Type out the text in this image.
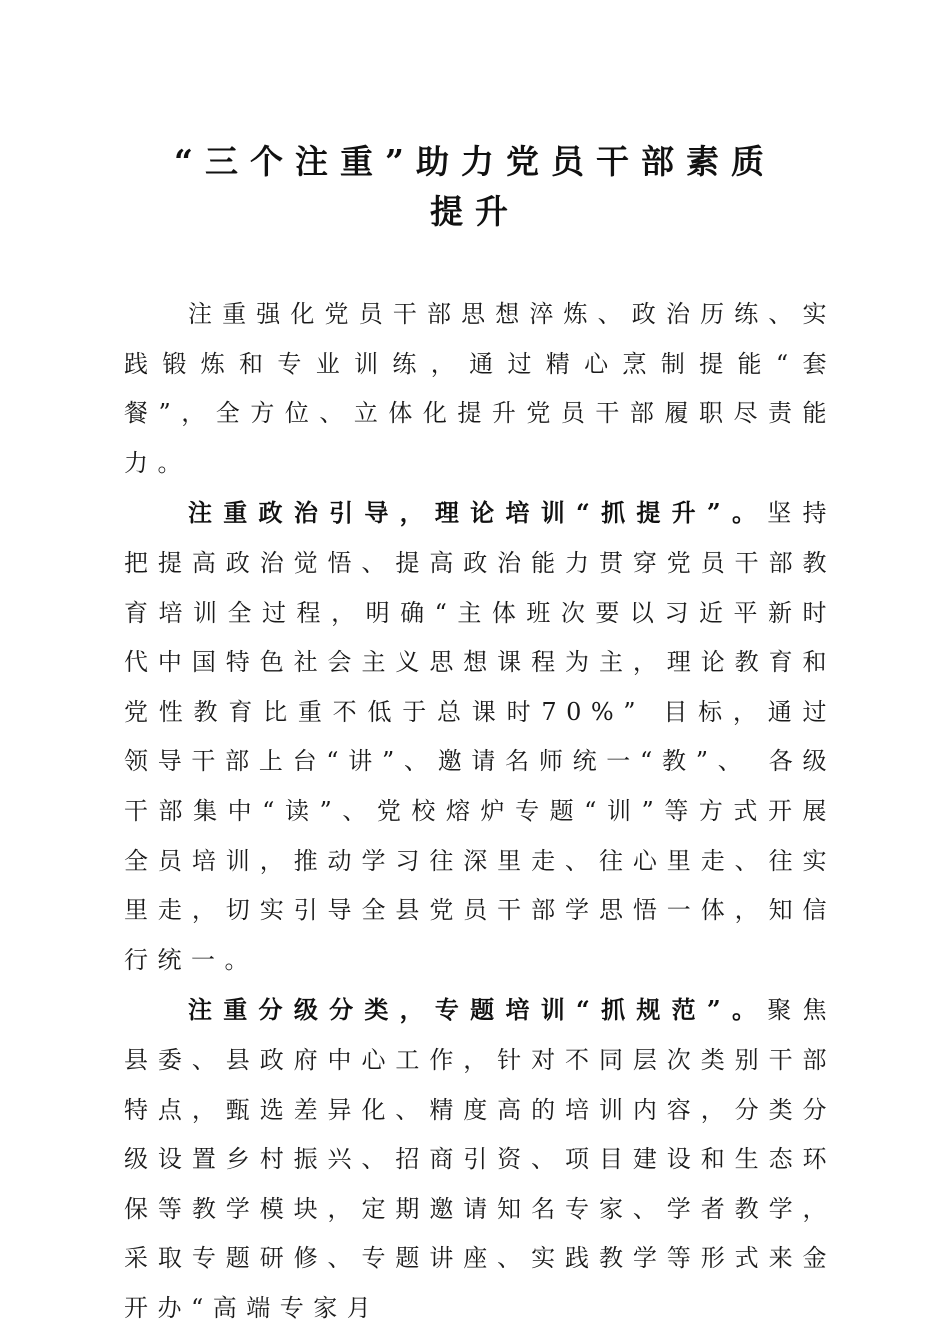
“三个注重”助力党员干部素质
提升

注重强化党员干部思想淬炼、政治历练、实践锻炼和专业训练，通过精心烹制提能“套餐”，全方位、立体化提升党员干部履职尽责能力。

注重政治引导，理论培训“抓提升”。坚持把提高政治觉悟、提高政治能力贯穿党员干部教育培训全过程，明确“主体班次要以习近平新时代中国特色社会主义思想课程为主，理论教育和党性教育比重不低于总课时70%” 目标，通过领导干部上台“讲”、邀请名师统一“教”、 各级干部集中“读”、党校熔炉专题“训”等方式开展全员培训，推动学习往深里走、往心里走、往实里走，切实引导全县党员干部学思悟一体，知信行统一。

注重分级分类，专题培训“抓规范”。聚焦县委、县政府中心工作，针对不同层次类别干部特点，甄选差异化、精度高的培训内容，分类分级设置乡村振兴、招商引资、项目建设和生态环保等教学模块，定期邀请知名专家、学者教学，采取专题研修、专题讲座、实践教学等形式来金开办“高端专家月
